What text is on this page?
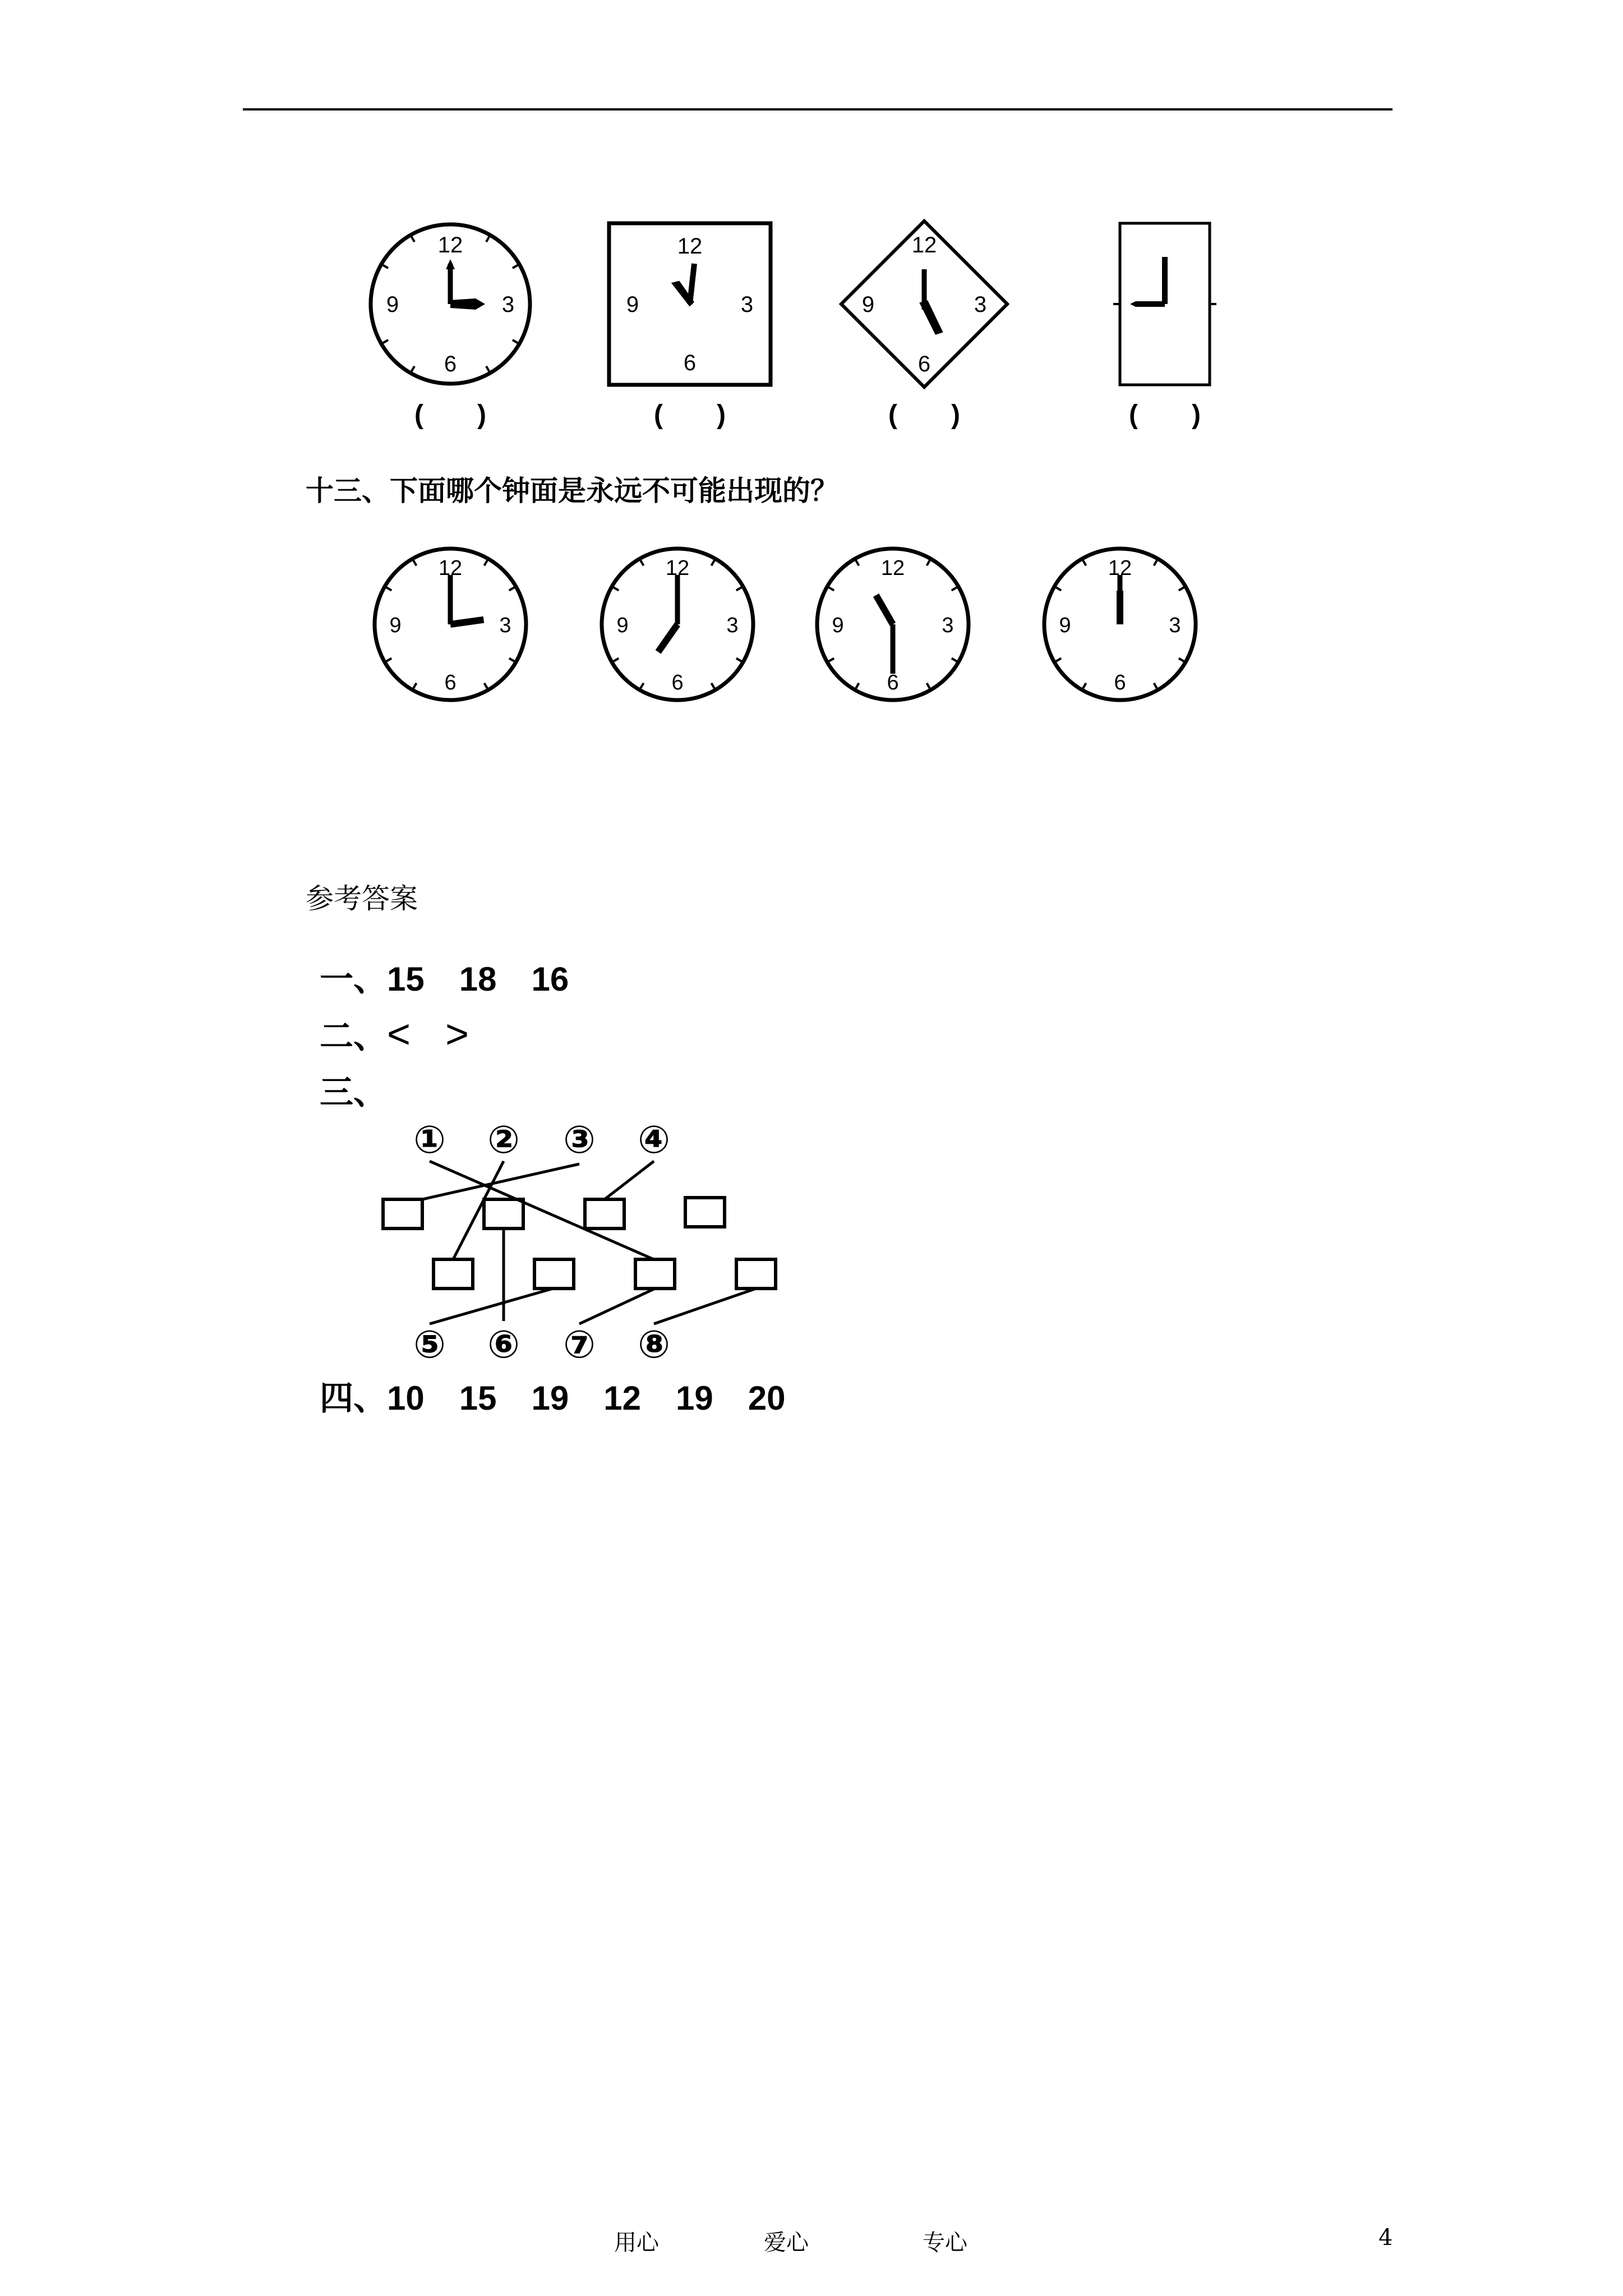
12
3
6
9
(　　)
12
3
6
9
(　　)
12
3
6
9
(　　)	(　　)
十三、下面哪个钟面是永远不可能出现的？
12
3
6
9
12
3
6
9
12
3
6
9
12
3
6
9
参考答案
一、15 18 16
二、< >
三、
① ② ③ ④
⑤ ⑥ ⑦ ⑧
四、10 15 19 12 19 20
用心	爱心	专心	4
